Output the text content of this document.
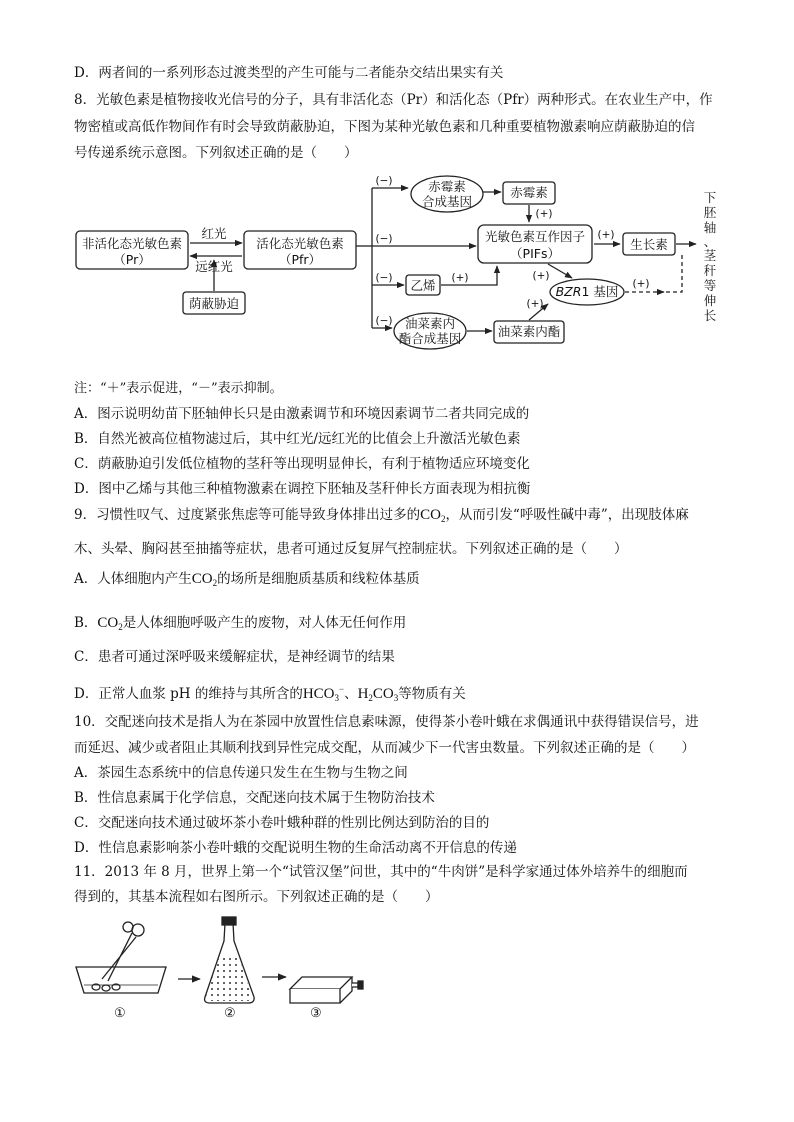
D．两者间的一系列形态过渡类型的产生可能与二者能杂交结出果实有关
8．光敏色素是植物接收光信号的分子，具有非活化态（Pr）和活化态（Pfr）两种形式。在农业生产中，作
物密植或高低作物间作有时会导致荫蔽胁迫，下图为某种光敏色素和几种重要植物激素响应荫蔽胁迫的信
号传递系统示意图。下列叙述正确的是（　　）
非活化态光敏色素
（Pr）
活化态光敏色素
（Pfr）
红光
远红光
荫蔽胁迫
赤霉素
合成基因
赤霉素
光敏色素互作因子
（PIFs）
生长素
乙烯	BZR1 基因
油菜素内
酯合成基因	油菜素内酯
(−)
(−)
(−)
(−)
(+)
(+)
(+)	(+)
(+)
(+)
下
胚
轴
、
茎
秆
等
伸
长
注：“＋”表示促进，“－”表示抑制。
A．图示说明幼苗下胚轴伸长只是由激素调节和环境因素调节二者共同完成的
B．自然光被高位植物滤过后，其中红光/远红光的比值会上升激活光敏色素
C．荫蔽胁迫引发低位植物的茎秆等出现明显伸长，有利于植物适应环境变化
D．图中乙烯与其他三种植物激素在调控下胚轴及茎秆伸长方面表现为相抗衡
9．习惯性叹气、过度紧张焦虑等可能导致身体排出过多的$CO_2$，从而引发“呼吸性碱中毒”，出现肢体麻
木、头晕、胸闷甚至抽搐等症状，患者可通过反复屏气控制症状。下列叙述正确的是（　　）
A．人体细胞内产生$CO_2$的场所是细胞质基质和线粒体基质
B．$CO_2$是人体细胞呼吸产生的废物，对人体无任何作用
C．患者可通过深呼吸来缓解症状，是神经调节的结果
D．正常人血浆 pH 的维持与其所含的$HCO_3^-$、$H_2CO_3$等物质有关
10．交配迷向技术是指人为在茶园中放置性信息素味源，使得茶小卷叶蛾在求偶通讯中获得错误信号，进
而延迟、减少或者阻止其顺利找到异性完成交配，从而减少下一代害虫数量。下列叙述正确的是（　　）
A．茶园生态系统中的信息传递只发生在生物与生物之间
B．性信息素属于化学信息，交配迷向技术属于生物防治技术
C．交配迷向技术通过破坏茶小卷叶蛾种群的性别比例达到防治的目的
D．性信息素影响茶小卷叶蛾的交配说明生物的生命活动离不开信息的传递
11．2013 年 8 月，世界上第一个“试管汉堡”问世，其中的“牛肉饼”是科学家通过体外培养牛的细胞而
得到的，其基本流程如右图所示。下列叙述正确的是（　　）
①	②	③
